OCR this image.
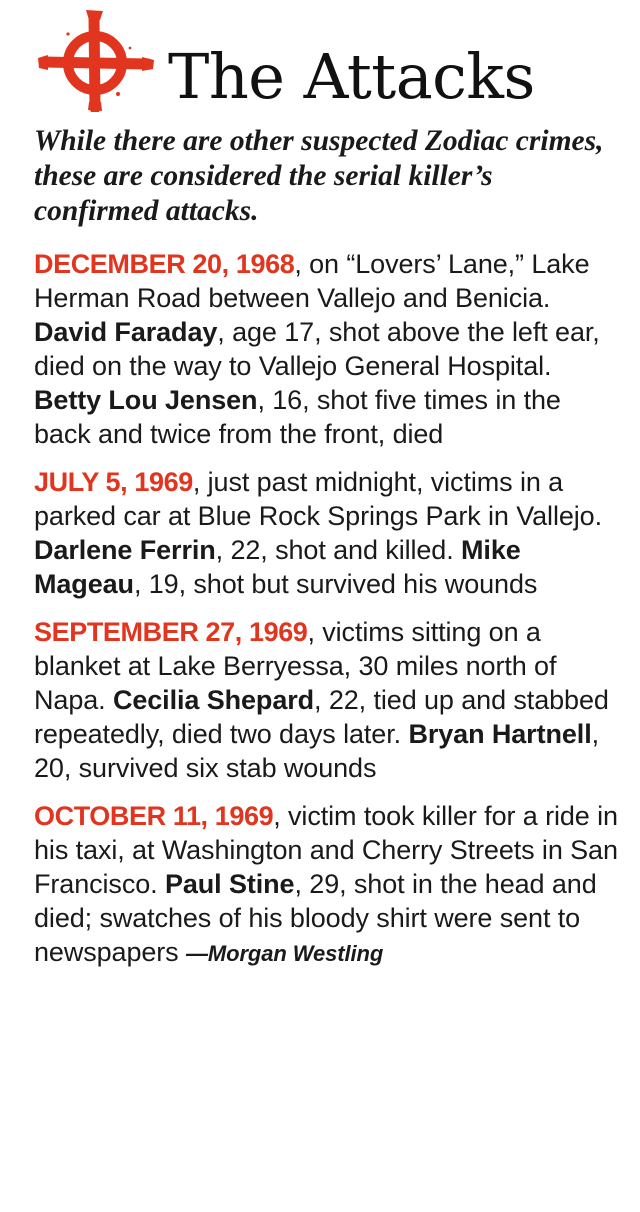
The Attacks

While there are other suspected Zodiac crimes, these are considered the serial killer’s confirmed attacks.

DECEMBER 20, 1968, on “Lovers’ Lane,” Lake Herman Road between Vallejo and Benicia. David Faraday, age 17, shot above the left ear, died on the way to Vallejo General Hospital. Betty Lou Jensen, 16, shot five times in the back and twice from the front, died

JULY 5, 1969, just past midnight, victims in a parked car at Blue Rock Springs Park in Vallejo. Darlene Ferrin, 22, shot and killed. Mike Mageau, 19, shot but survived his wounds

SEPTEMBER 27, 1969, victims sitting on a blanket at Lake Berryessa, 30 miles north of Napa. Cecilia Shepard, 22, tied up and stabbed repeatedly, died two days later. Bryan Hartnell, 20, survived six stab wounds

OCTOBER 11, 1969, victim took killer for a ride in his taxi, at Washington and Cherry Streets in San Francisco. Paul Stine, 29, shot in the head and died; swatches of his bloody shirt were sent to newspapers —Morgan Westling
